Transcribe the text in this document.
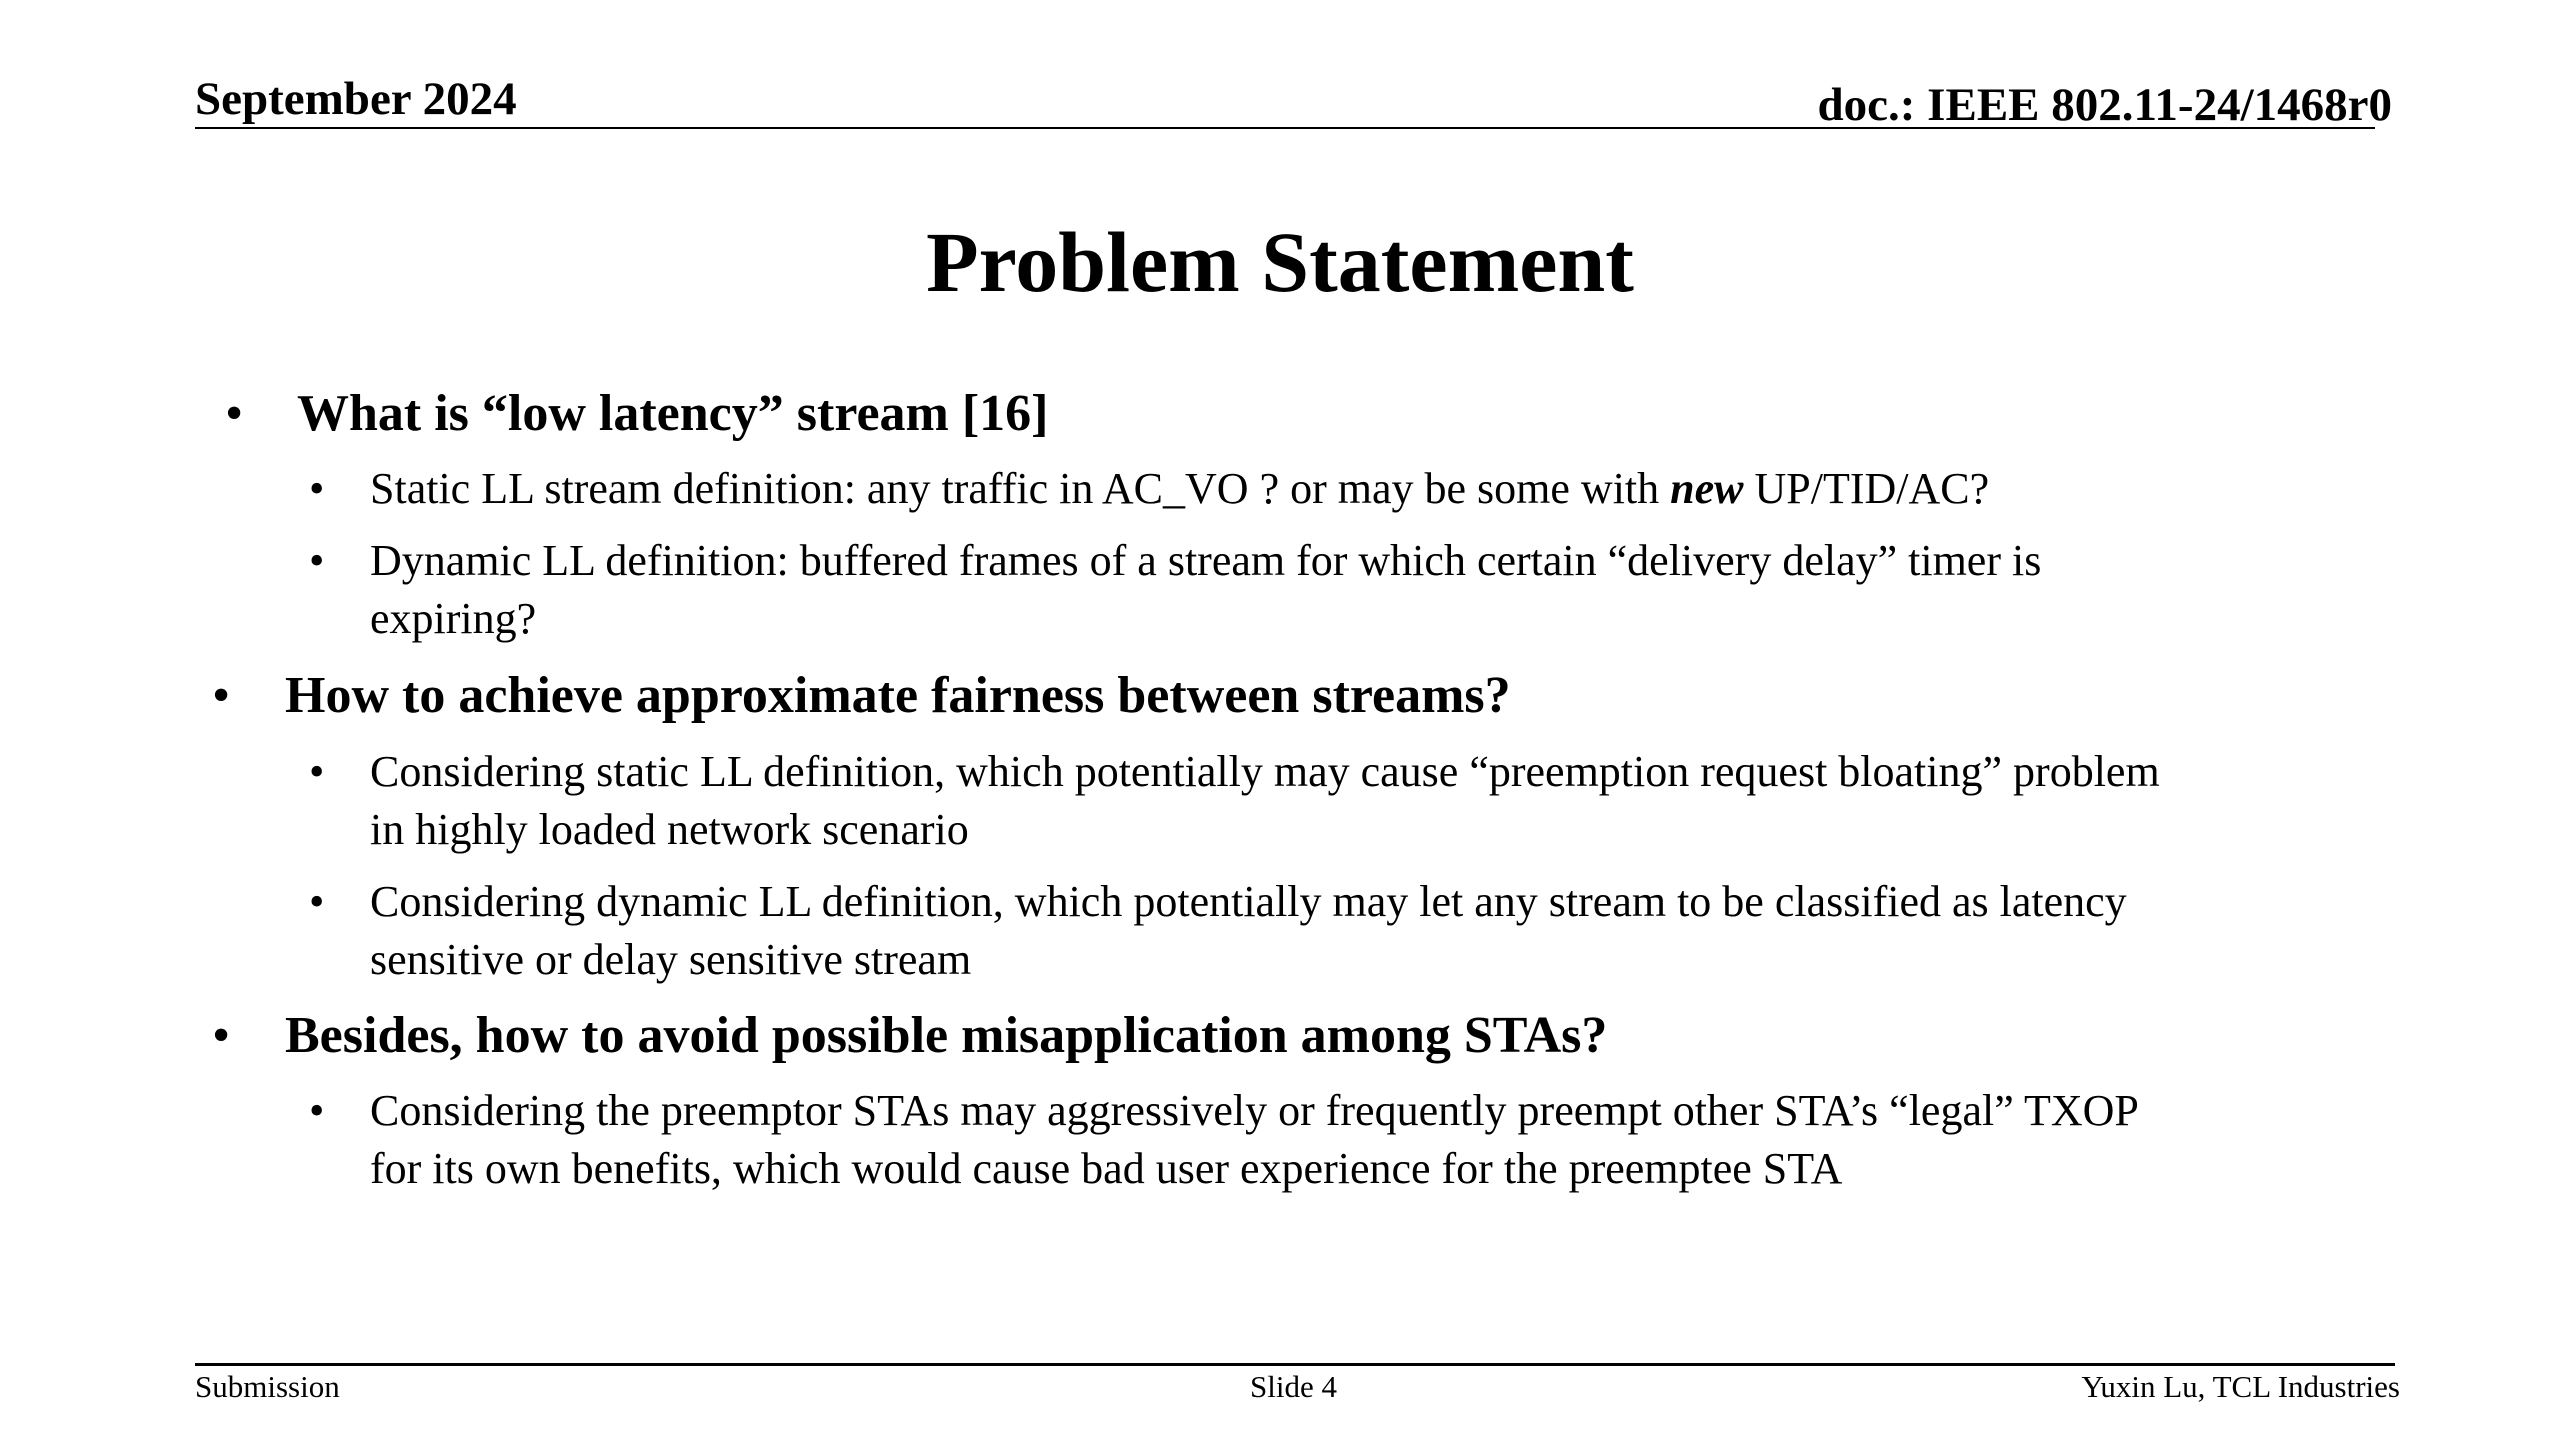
September 2024	doc.: IEEE 802.11-24/1468r0
Problem Statement
• What is “low latency” stream [16]
• Static LL stream definition: any traffic in AC_VO ? or may be some with new UP/TID/AC?
• Dynamic LL definition: buffered frames of a stream for which certain “delivery delay” timer is
expiring?
• How to achieve approximate fairness between streams?
• Considering static LL definition, which potentially may cause “preemption request bloating” problem
in highly loaded network scenario
• Considering dynamic LL definition, which potentially may let any stream to be classified as latency
sensitive or delay sensitive stream
• Besides, how to avoid possible misapplication among STAs?
• Considering the preemptor STAs may aggressively or frequently preempt other STA’s “legal” TXOP
for its own benefits, which would cause bad user experience for the preemptee STA
Submission	Slide 4	Yuxin Lu, TCL Industries
